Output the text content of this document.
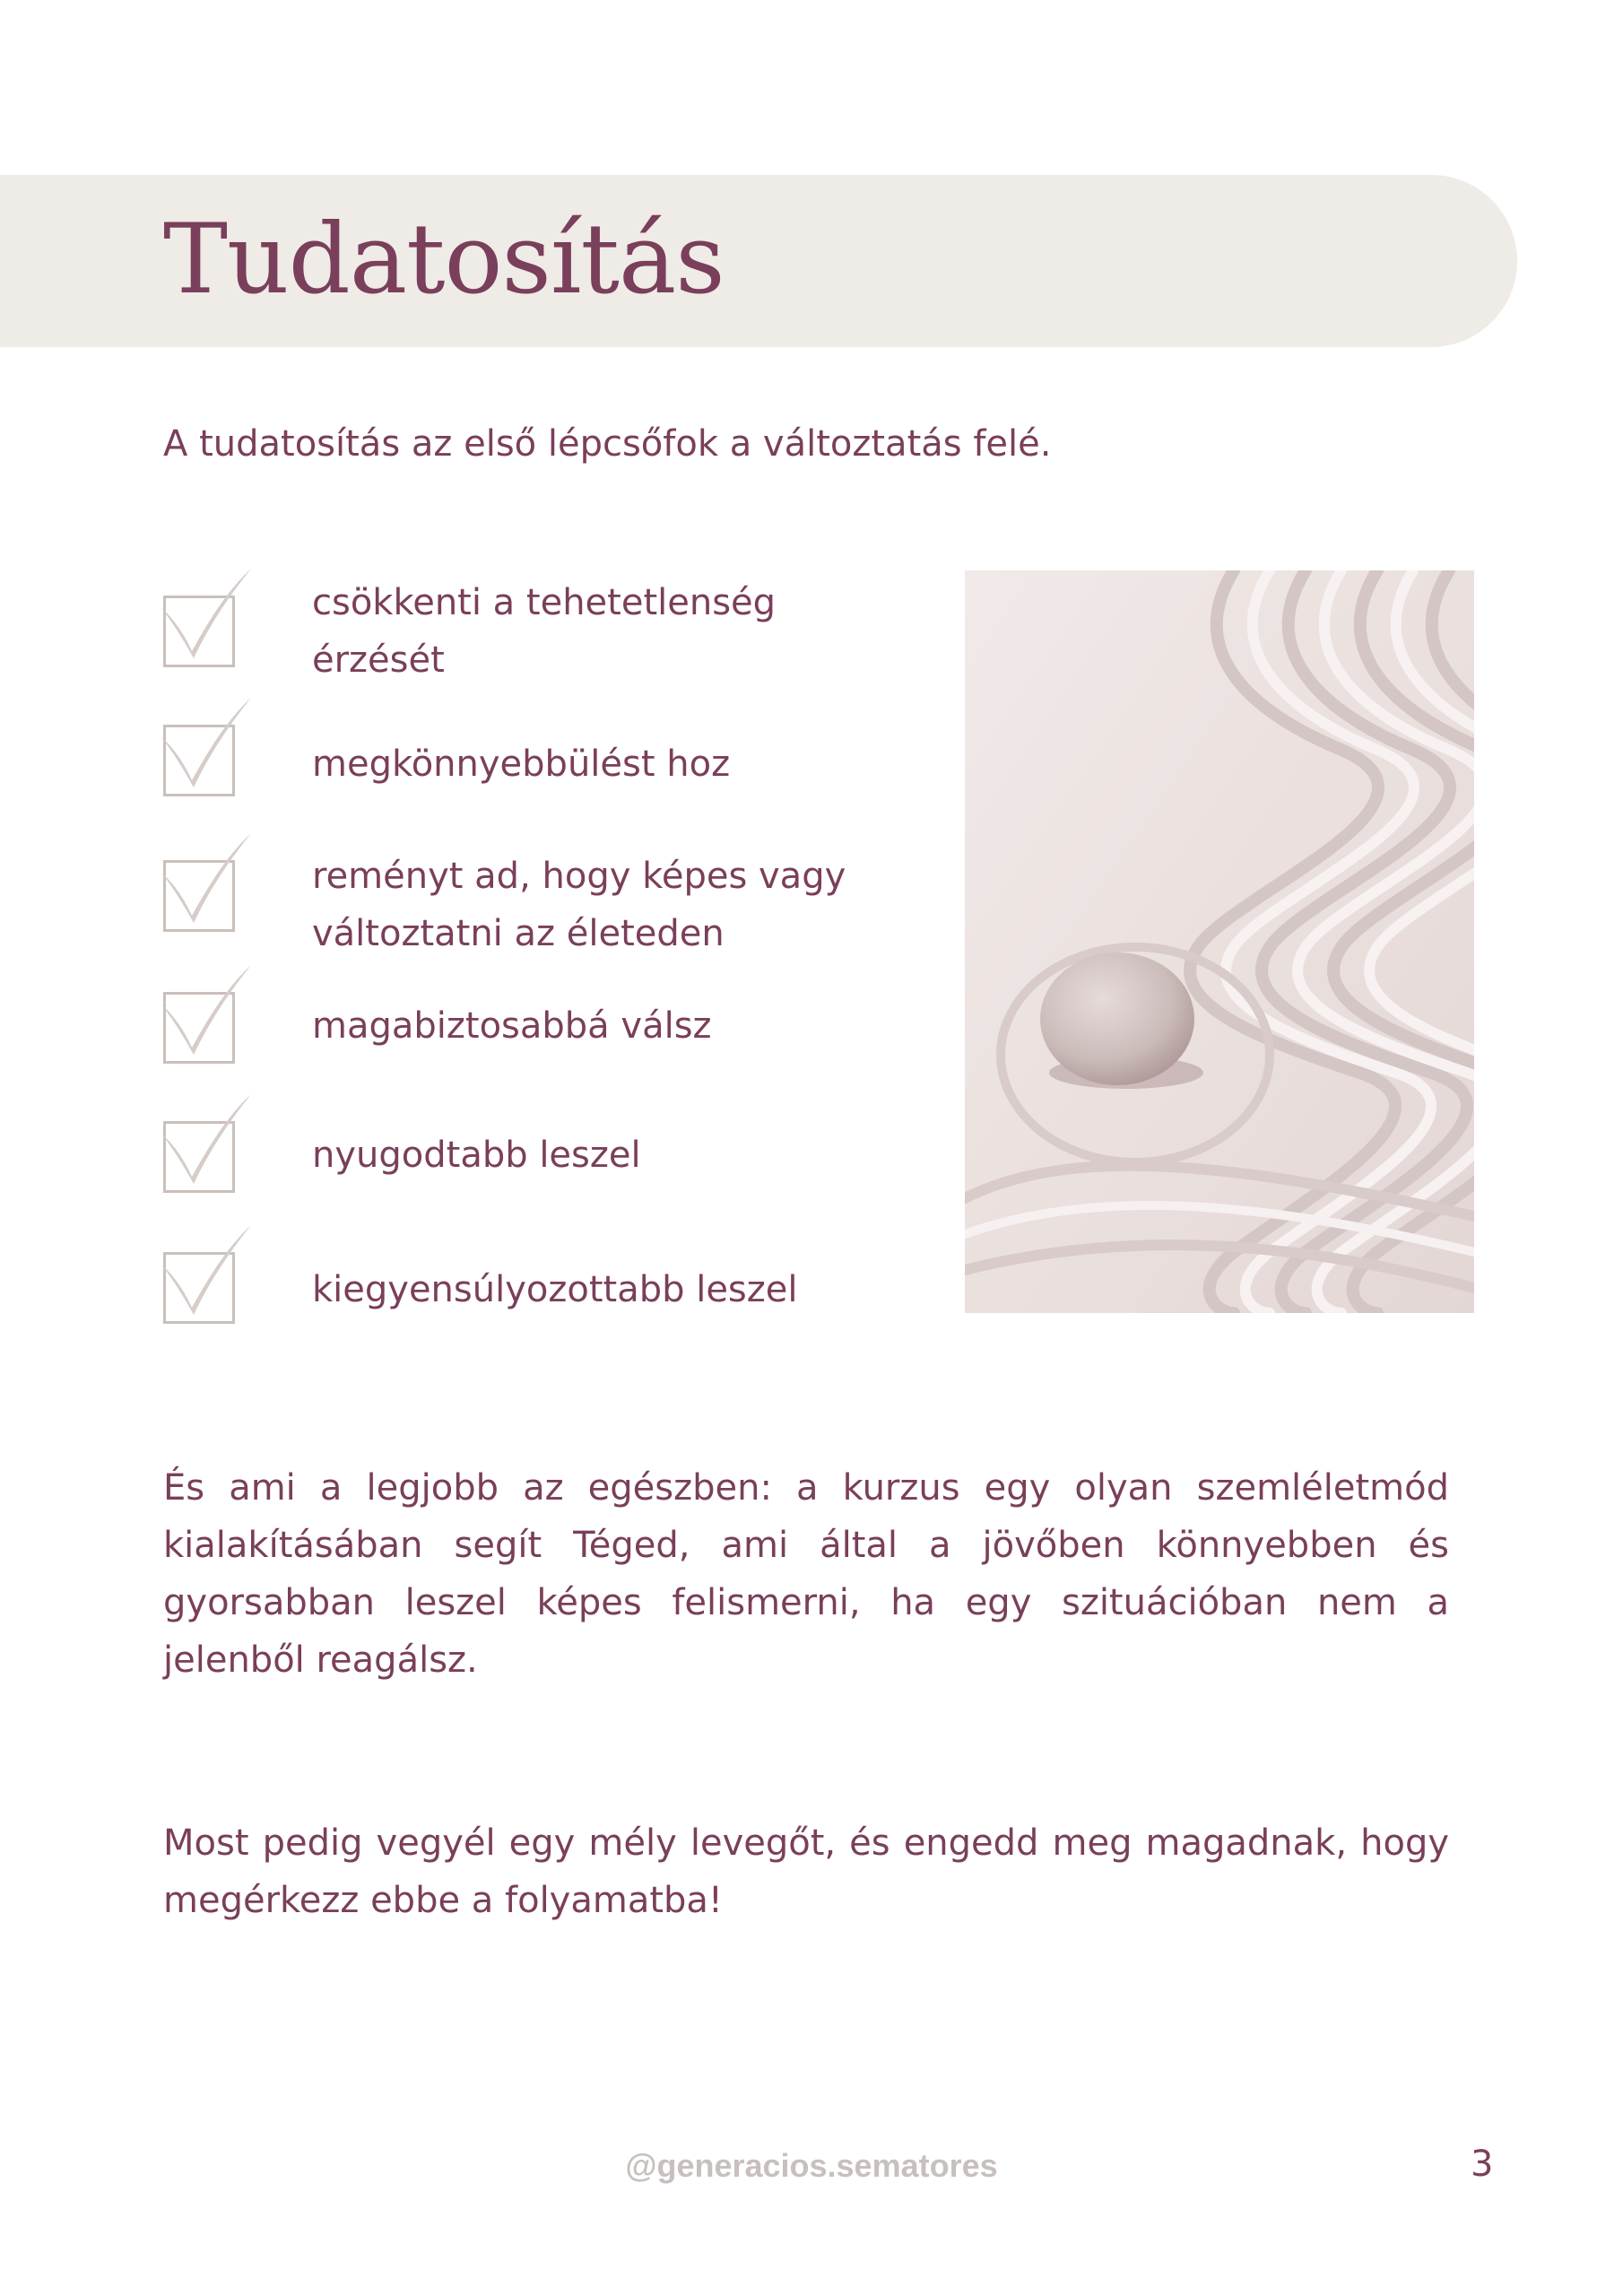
Tudatosítás
A tudatosítás az első lépcsőfok a változtatás felé.
csökkenti a tehetetlenség
érzését
megkönnyebbülést hoz
reményt ad, hogy képes vagy
változtatni az életeden
magabiztosabbá válsz
nyugodtabb leszel
kiegyensúlyozottabb leszel
És ami a legjobb az egészben: a kurzus egy olyan szemléletmód kialakításában segít Téged, ami által a jövőben könnyebben és gyorsabban leszel képes felismerni, ha egy szituációban nem a jelenből reagálsz.
Most pedig vegyél egy mély levegőt, és engedd meg magadnak, hogy megérkezz ebbe a folyamatba!
@generacios.sematores	3
